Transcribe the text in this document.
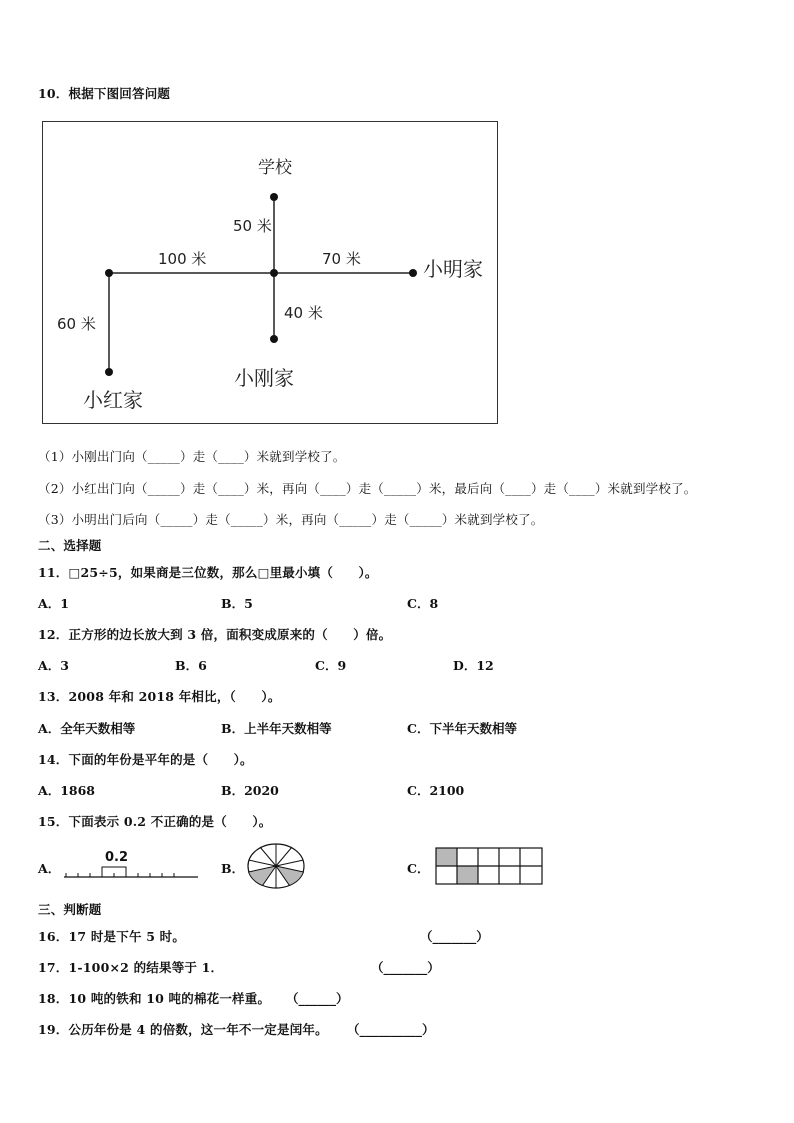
10．根据下图回答问题
学校
50 米
100 米	70 米	小明家
40 米
60 米
小刚家
小红家
（1）小刚出门向（_____）走（____）米就到学校了。
（2）小红出门向（_____）走（____）米，再向（____）走（_____）米，最后向（____）走（____）米就到学校了。
（3）小明出门后向（_____）走（_____）米，再向（_____）走（_____）米就到学校了。
二、选择题
11．□25÷5，如果商是三位数，那么□里最小填（　　）。
A．1	B．5	C．8
12．正方形的边长放大到 3 倍，面积变成原来的（　　）倍。
A．3	B．6	C．9	D．12
13．2008 年和 2018 年相比，（　　）。
A．全年天数相等	B．上半年天数相等	C．下半年天数相等
14．下面的年份是平年的是（　　）。
A．1868	B．2020	C．2100
15．下面表示 0.2 不正确的是（　　）。
A．
0.2
B．	C．
三、判断题
16．17 时是下午 5 时。	（_______）
17．1-100×2 的结果等于 1．	（_______）
18．10 吨的铁和 10 吨的棉花一样重。 （______）
19．公历年份是 4 的倍数，这一年不一定是闰年。 （__________）
